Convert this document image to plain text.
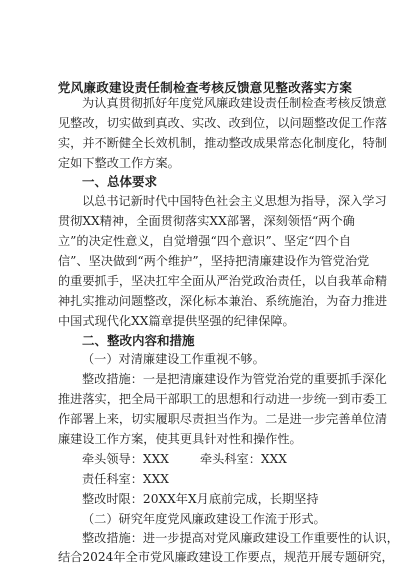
党风廉政建设责任制检查考核反馈意见整改落实方案
为认真贯彻抓好年度党风廉政建设责任制检查考核反馈意
见整改，切实做到真改、实改、改到位，以问题整改促工作落
实，并不断健全长效机制，推动整改成果常态化制度化，特制
定如下整改工作方案。
一、总体要求
以总书记新时代中国特色社会主义思想为指导，深入学习
贯彻XX精神，全面贯彻落实XX部署，深刻领悟“两个确
立”的决定性意义，自觉增强“四个意识”、坚定“四个自
信”、坚决做到“两个维护”，坚持把清廉建设作为管党治党
的重要抓手，坚决扛牢全面从严治党政治责任，以自我革命精
神扎实推动问题整改，深化标本兼治、系统施治，为奋力推进
中国式现代化XX篇章提供坚强的纪律保障。
二、整改内容和措施
（一）对清廉建设工作重视不够。
整改措施：一是把清廉建设作为管党治党的重要抓手深化
推进落实，把全局干部职工的思想和行动进一步统一到市委工
作部署上来，切实履职尽责担当作为。二是进一步完善单位清
廉建设工作方案，使其更具针对性和操作性。
牵头领导：XXX	牵头科室：XXX
责任科室：XXX
整改时限：20XX年X月底前完成，长期坚持
（二）研究年度党风廉政建设工作流于形式。
整改措施：进一步提高对党风廉政建设工作重要性的认识，
结合2024年全市党风廉政建设工作要点，规范开展专题研究，
